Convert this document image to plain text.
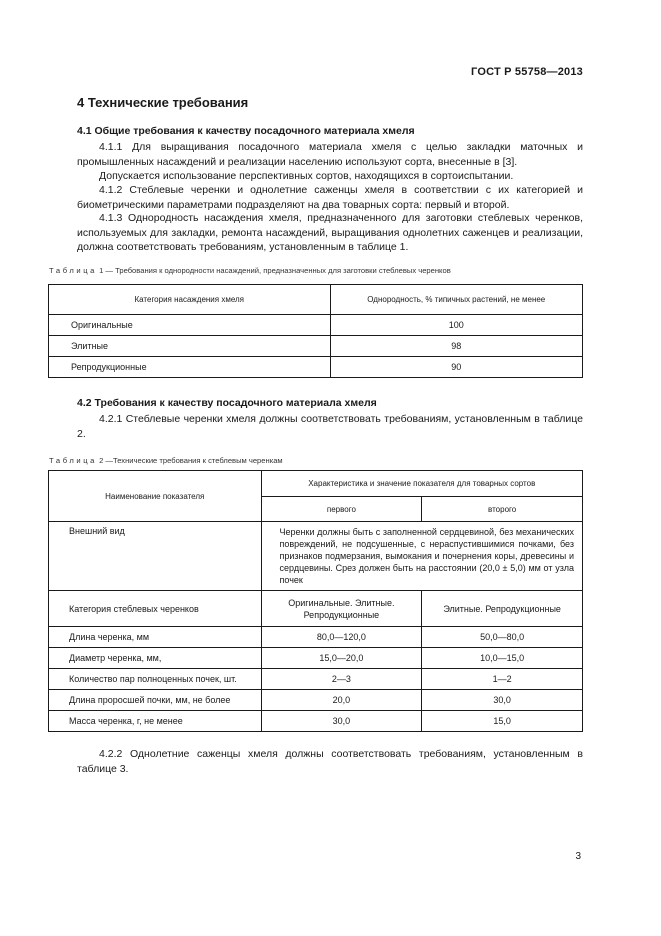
ГОСТ Р 55758—2013
4 Технические требования
4.1 Общие требования к качеству посадочного материала хмеля

4.1.1 Для выращивания посадочного материала хмеля с целью закладки маточных и промышленных насаждений и реализации населению используют сорта, внесенные в [3].

Допускается использование перспективных сортов, находящихся в сортоиспытании.

4.1.2 Стеблевые черенки и однолетние саженцы хмеля в соответствии с их категорией и биометрическими параметрами подразделяют на два товарных сорта: первый и второй.

4.1.3 Однородность насаждения хмеля, предназначенного для заготовки стеблевых черенков, используемых для закладки, ремонта насаждений, выращивания однолетних саженцев и реализации, должна соответствовать требованиям, установленным в таблице 1.

Таблица 1 — Требования к однородности насаждений, предназначенных для заготовки стеблевых черенков
Категория насаждения хмеля	Однородность, % типичных растений, не менее
Оригинальные	100
Элитные	98
Репродукционные	90
4.2 Требования к качеству посадочного материала хмеля

4.2.1 Стеблевые черенки хмеля должны соответствовать требованиям, установленным в таблице 2.

Таблица 2 —Технические требования к стеблевым черенкам
Наименование показателя	Характеристика и значение показателя для товарных сортов	
	первого	второго
Внешний вид	Черенки должны быть с заполненной сердцевиной, без механических повреждений, не подсушенные, с нераспустившимися почками, без признаков подмерзания, вымокания и почернения коры, древесины и сердцевины. Срез должен быть на расстоянии (20,0 ± 5,0) мм от узла почек	
Категория стеблевых черенков	Оригинальные. Элитные. Репродукционные	Элитные. Репродукционные
Длина черенка, мм	80,0—120,0	50,0—80,0
Диаметр черенка, мм,	15,0—20,0	10,0—15,0
Количество пар полноценных почек, шт.	2—3	1—2
Длина проросшей почки, мм, не более	20,0	30,0
Масса черенка, г, не менее	30,0	15,0

4.2.2 Однолетние саженцы хмеля должны соответствовать требованиям, установленным в таблице 3.

3
